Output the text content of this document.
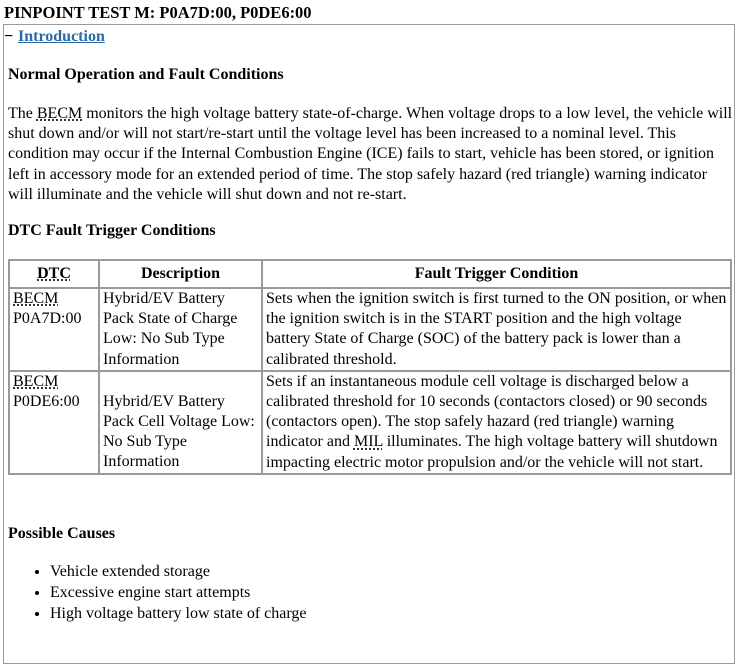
PINPOINT TEST M: P0A7D:00, P0DE6:00
− Introduction
Normal Operation and Fault Conditions
The BECM monitors the high voltage battery state-of-charge. When voltage drops to a low level, the vehicle will shut down and/or will not start/re-start until the voltage level has been increased to a nominal level. This condition may occur if the Internal Combustion Engine (ICE) fails to start, vehicle has been stored, or ignition left in accessory mode for an extended period of time. The stop safely hazard (red triangle) warning indicator will illuminate and the vehicle will shut down and not re-start.
DTC Fault Trigger Conditions
DTC	Description	Fault Trigger Condition
BECM
P0A7D:00	Hybrid/EV Battery Pack State of Charge Low: No Sub Type Information	Sets when the ignition switch is first turned to the ON position, or when the ignition switch is in the START position and the high voltage battery State of Charge (SOC) of the battery pack is lower than a calibrated threshold.
BECM
P0DE6:00	Hybrid/EV Battery Pack Cell Voltage Low: No Sub Type Information	Sets if an instantaneous module cell voltage is discharged below a calibrated threshold for 10 seconds (contactors closed) or 90 seconds (contactors open). The stop safely hazard (red triangle) warning indicator and MIL illuminates. The high voltage battery will shutdown impacting electric motor propulsion and/or the vehicle will not start.
Possible Causes
• Vehicle extended storage
• Excessive engine start attempts
• High voltage battery low state of charge
